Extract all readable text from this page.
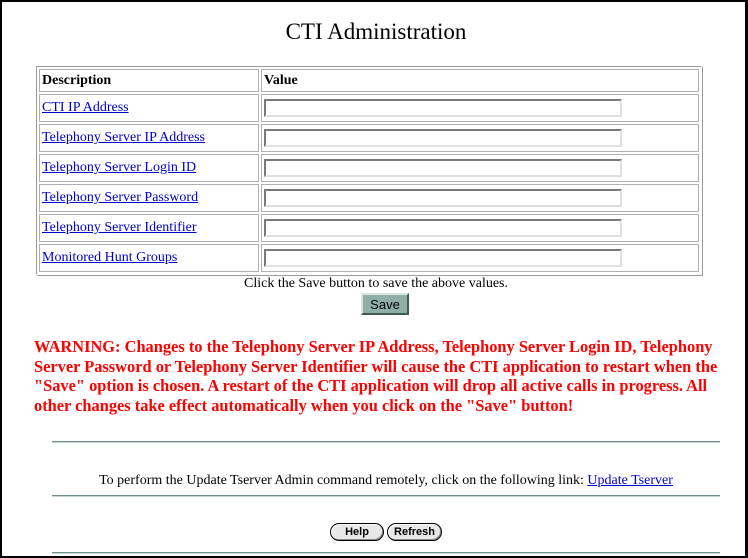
CTI Administration
Description	Value
CTI IP Address	

Telephony Server IP Address	

Telephony Server Login ID	

Telephony Server Password	

Telephony Server Identifier	

Monitored Hunt Groups	
Click the Save button to save the above values.
Save
WARNING: Changes to the Telephony Server IP Address, Telephony Server Login ID, Telephony Server Password or Telephony Server Identifier will cause the CTI application to restart when the "Save" option is chosen. A restart of the CTI application will drop all active calls in progress. All other changes take effect automatically when you click on the "Save" button!
To perform the Update Tserver Admin command remotely, click on the following link: Update Tserver
Help	Refresh
